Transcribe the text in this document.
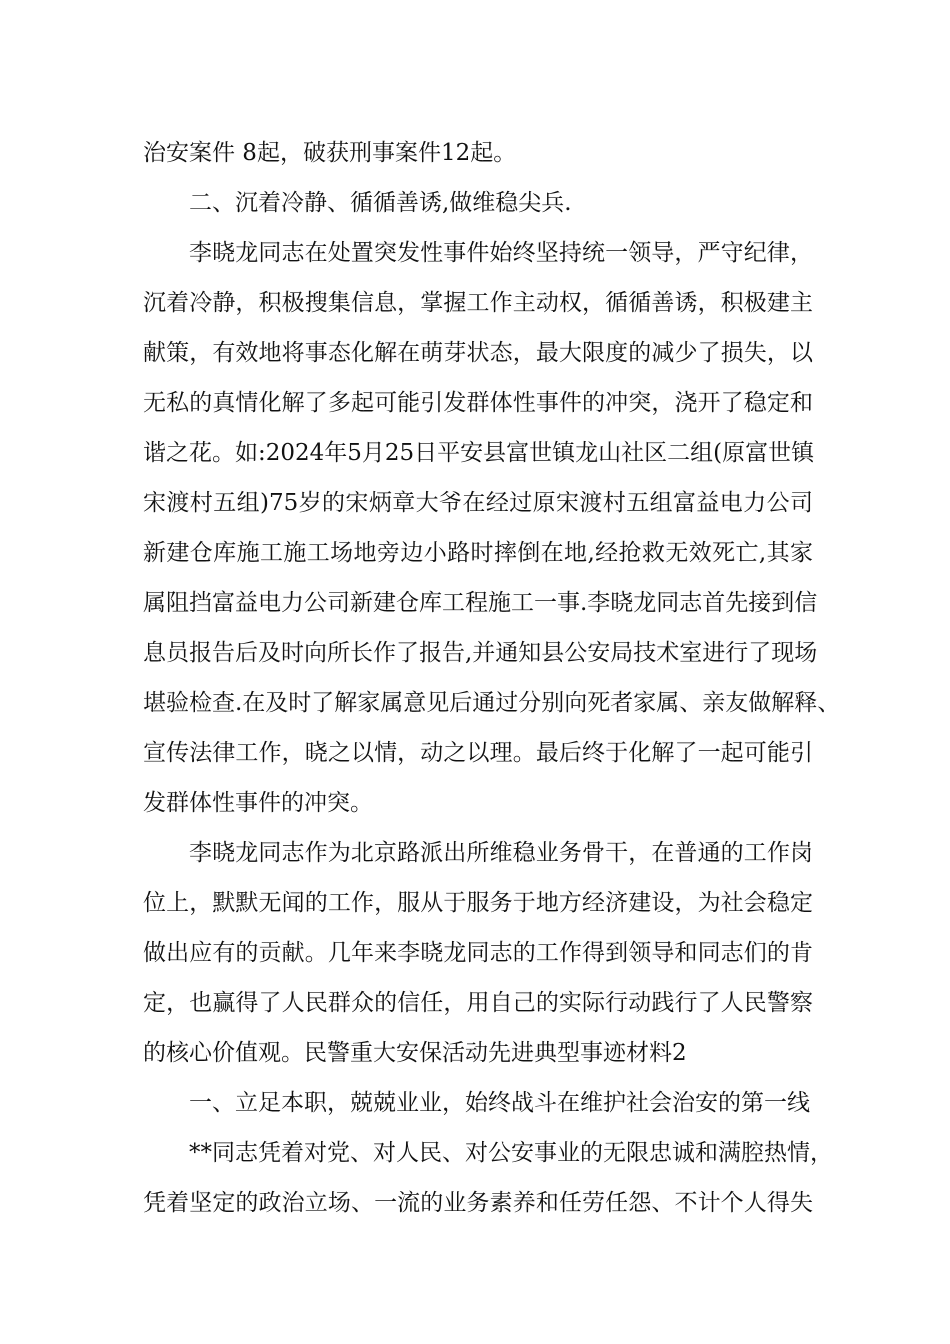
治安案件 8起，破获刑事案件12起。

二、沉着冷静、循循善诱,做维稳尖兵.

李晓龙同志在处置突发性事件始终坚持统一领导，严守纪律，

沉着冷静，积极搜集信息，掌握工作主动权，循循善诱，积极建主

献策，有效地将事态化解在萌芽状态，最大限度的减少了损失，以

无私的真情化解了多起可能引发群体性事件的冲突，浇开了稳定和

谐之花。如:2024年5月25日平安县富世镇龙山社区二组(原富世镇

宋渡村五组)75岁的宋炳章大爷在经过原宋渡村五组富益电力公司

新建仓库施工施工场地旁边小路时摔倒在地,经抢救无效死亡,其家

属阻挡富益电力公司新建仓库工程施工一事.李晓龙同志首先接到信

息员报告后及时向所长作了报告,并通知县公安局技术室进行了现场

堪验检查.在及时了解家属意见后通过分别向死者家属、亲友做解释、

宣传法律工作，晓之以情，动之以理。最后终于化解了一起可能引

发群体性事件的冲突。

李晓龙同志作为北京路派出所维稳业务骨干，在普通的工作岗

位上，默默无闻的工作，服从于服务于地方经济建设，为社会稳定

做出应有的贡献。几年来李晓龙同志的工作得到领导和同志们的肯

定，也赢得了人民群众的信任，用自己的实际行动践行了人民警察

的核心价值观。民警重大安保活动先进典型事迹材料2

一、立足本职，兢兢业业，始终战斗在维护社会治安的第一线

**同志凭着对党、对人民、对公安事业的无限忠诚和满腔热情，

凭着坚定的政治立场、一流的业务素养和任劳任怨、不计个人得失
